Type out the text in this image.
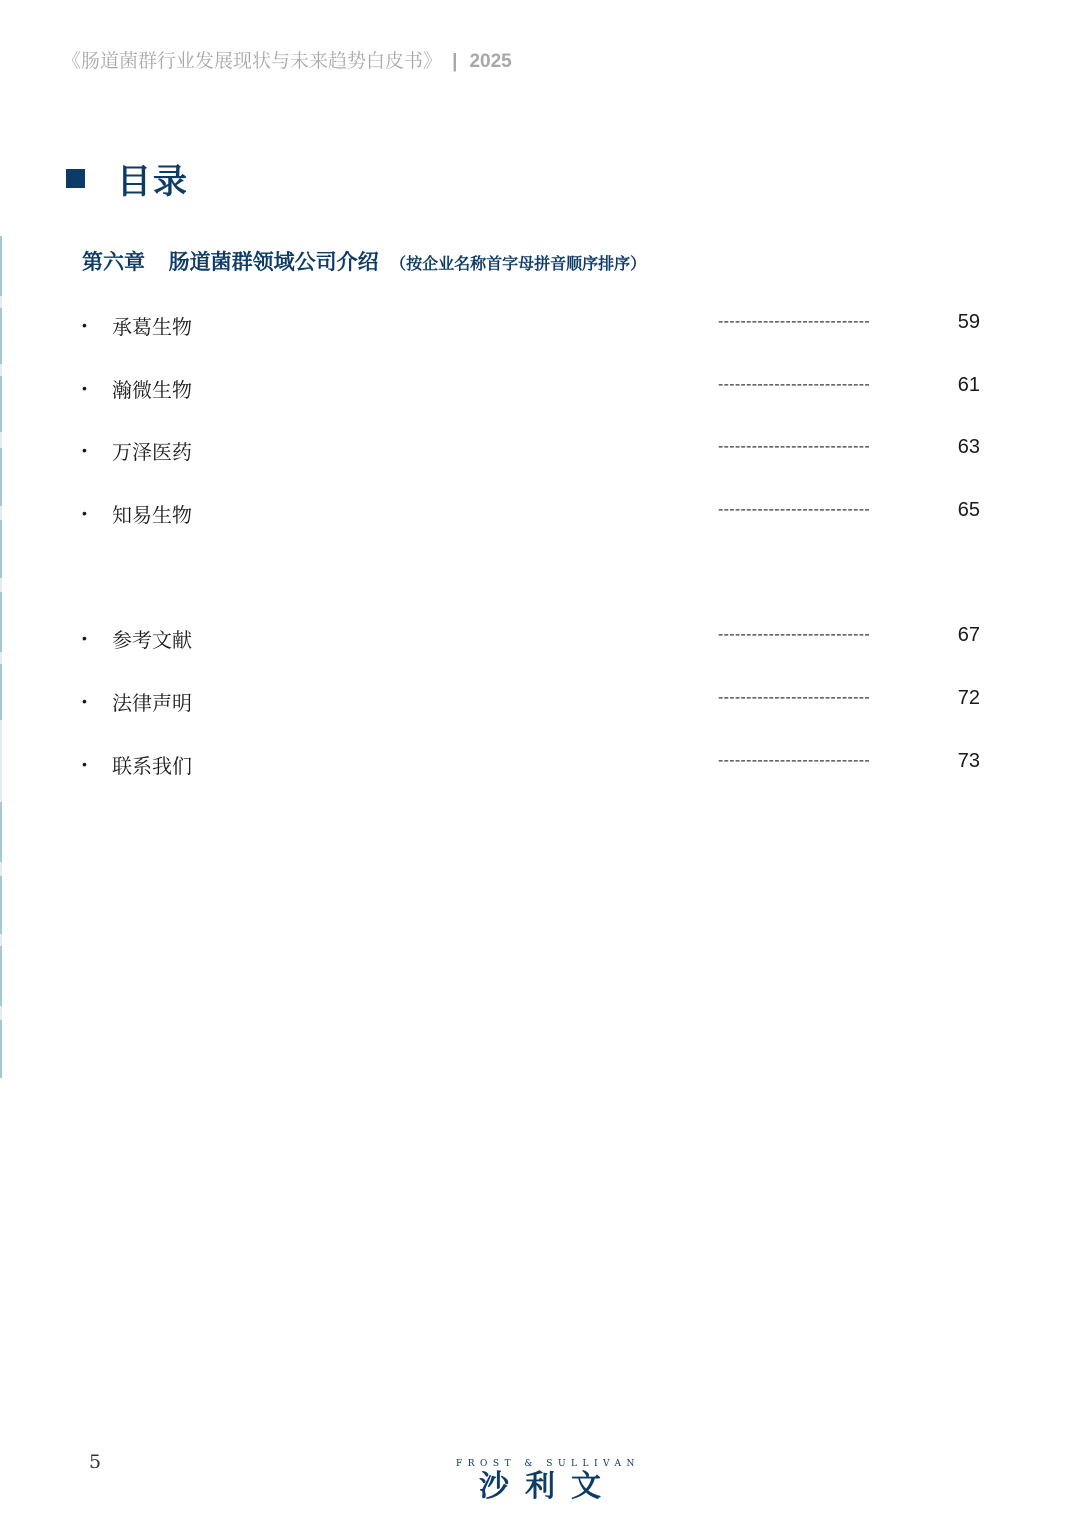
《肠道菌群行业发展现状与未来趋势白皮书》 | 2025
目录
第六章 肠道菌群领域公司介绍 （按企业名称首字母拼音顺序排序）
• 承葛生物	---------------------------	59
• 瀚微生物	---------------------------	61
• 万泽医药	---------------------------	63
• 知易生物	---------------------------	65
• 参考文献	---------------------------	67
• 法律声明	---------------------------	72
• 联系我们	---------------------------	73
5	FROST & SULLIVAN
沙利文
